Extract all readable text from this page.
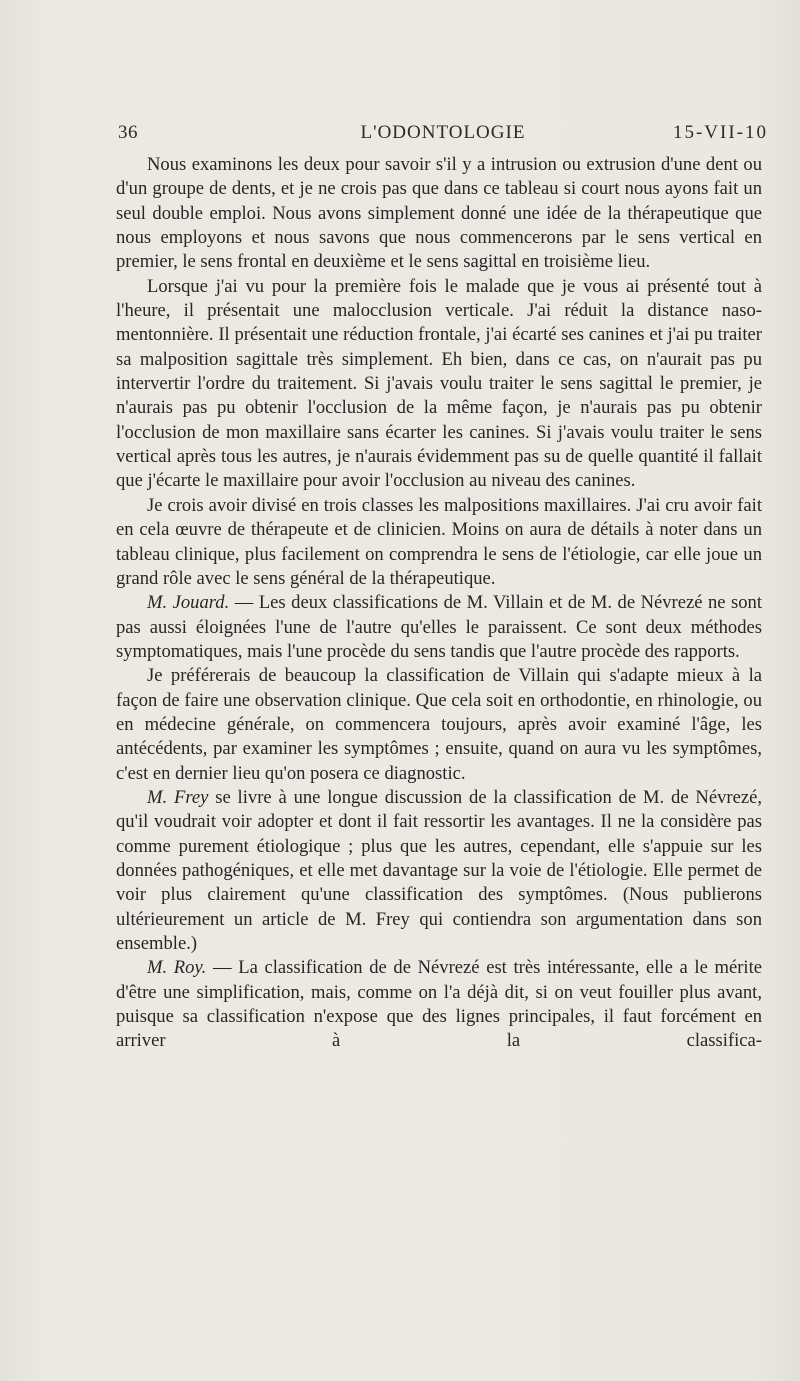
36	L'ODONTOLOGIE	15-VII-10

Nous examinons les deux pour savoir s'il y a intrusion ou extrusion d'une dent ou d'un groupe de dents, et je ne crois pas que dans ce tableau si court nous ayons fait un seul double emploi. Nous avons simplement donné une idée de la thérapeutique que nous employons et nous savons que nous commencerons par le sens vertical en premier, le sens frontal en deuxième et le sens sagittal en troisième lieu.

Lorsque j'ai vu pour la première fois le malade que je vous ai présenté tout à l'heure, il présentait une malocclusion verticale. J'ai réduit la distance naso-mentonnière. Il présentait une réduction frontale, j'ai écarté ses canines et j'ai pu traiter sa malposition sagittale très simplement. Eh bien, dans ce cas, on n'aurait pas pu intervertir l'ordre du traitement. Si j'avais voulu traiter le sens sagittal le premier, je n'aurais pas pu obtenir l'occlusion de la même façon, je n'aurais pas pu obtenir l'occlusion de mon maxillaire sans écarter les canines. Si j'avais voulu traiter le sens vertical après tous les autres, je n'aurais évidemment pas su de quelle quantité il fallait que j'écarte le maxillaire pour avoir l'occlusion au niveau des canines.

Je crois avoir divisé en trois classes les malpositions maxillaires. J'ai cru avoir fait en cela œuvre de thérapeute et de clinicien. Moins on aura de détails à noter dans un tableau clinique, plus facilement on comprendra le sens de l'étiologie, car elle joue un grand rôle avec le sens général de la thérapeutique.

M. Jouard. — Les deux classifications de M. Villain et de M. de Névrezé ne sont pas aussi éloignées l'une de l'autre qu'elles le paraissent. Ce sont deux méthodes symptomatiques, mais l'une procède du sens tandis que l'autre procède des rapports.

Je préférerais de beaucoup la classification de Villain qui s'adapte mieux à la façon de faire une observation clinique. Que cela soit en orthodontie, en rhinologie, ou en médecine générale, on commencera toujours, après avoir examiné l'âge, les antécédents, par examiner les symptômes ; ensuite, quand on aura vu les symptômes, c'est en dernier lieu qu'on posera ce diagnostic.

M. Frey se livre à une longue discussion de la classification de M. de Névrezé, qu'il voudrait voir adopter et dont il fait ressortir les avantages. Il ne la considère pas comme purement étiologique ; plus que les autres, cependant, elle s'appuie sur les données pathogéniques, et elle met davantage sur la voie de l'étiologie. Elle permet de voir plus clairement qu'une classification des symptômes. (Nous publierons ultérieurement un article de M. Frey qui contiendra son argumentation dans son ensemble.)

M. Roy. — La classification de de Névrezé est très intéressante, elle a le mérite d'être une simplification, mais, comme on l'a déjà dit, si on veut fouiller plus avant, puisque sa classification n'expose que des lignes principales, il faut forcément en arriver à la classifica-
